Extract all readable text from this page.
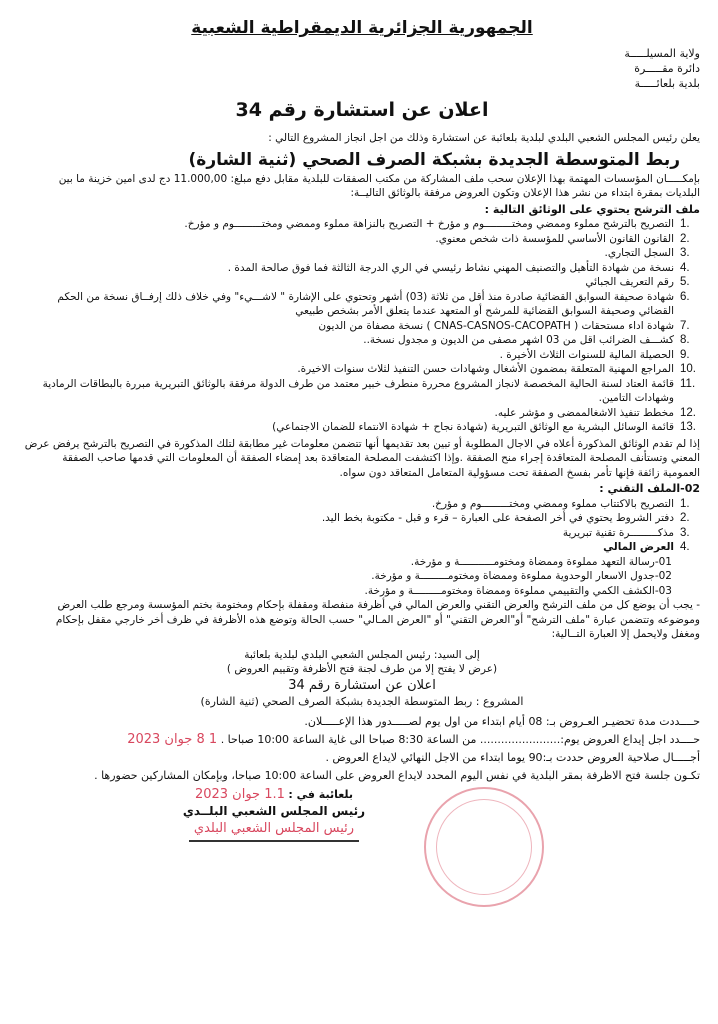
الجمهورية الجزائرية الديمقراطية الشعبية
ولاية المسيلـــــة
دائرة مقـــــرة
بلدية بلعائـــــة
اعلان عن استشارة رقم 34
يعلن رئيس المجلس الشعبي البلدي لبلدية بلعائبة عن استشارة وذلك من اجل انجاز المشروع التالي :
ربط المتوسطة الجديدة بشبكة الصرف الصحي (ثنية الشارة)
بإمكـــــان المؤسسات المهتمة بهذا الإعلان سحب ملف المشاركة من مكتب الصفقات للبلدية مقابل دفع مبلغ: 11.000,00 دج لدى امين خزينة ما بين البلديات بمقرة ابتداء من نشر هذا الإعلان وتكون العروض مرفقة بالوثائق التاليــة:
ملف الترشح يحتوي على الوثائق التالية :
1.
التصريح بالترشح مملوء وممضي ومختـــــــــوم و مؤرخ + التصريح بالنزاهة مملوء وممضي ومختـــــــــوم و مؤرخ.
2.
القانون القانون الأساسي للمؤسسة ذات شخص معنوي.
3.
السجل التجاري.
4.
نسخة من شهادة التأهيل والتصنيف المهني نشاط رئيسي في الري الدرجة الثالثة فما فوق صالحة المدة .
5.
رقم التعريف الجبائي
6.
شهادة صحيفة السوابق القضائية صادرة منذ أقل من ثلاثة (03) أشهر وتحتوي على الإشارة " لاشـــيء" وفي خلاف ذلك إرفــاق نسخة من الحكم القضائي وصحيفة السوابق القضائية للمرشح أو المتعهد عندما يتعلق الأمر بشخص طبيعي
7.
شهادة اداء مستحقات ( CNAS-CASNOS-CACOPATH ) نسخة مصفاة من الديون
8.
كشـــف الضرائب اقل من 03 اشهر مصفى من الديون و مجدول نسخة..
9.
الحصيلة المالية للسنوات الثلاث الأخيرة .
10.
المراجع المهنية المتعلقة بمضمون الأشغال وشهادات حسن التنفيذ لثلاث سنوات الاخيرة.
11.
قائمة العتاد لسنة الحالية المخصصة لانجاز المشروع محررة منطرف خبير معتمد من طرف الدولة مرفقة بالوثائق التبريرية مبررة بالبطاقات الرمادية وشهادات التامين.
12.
مخطط تنفيذ الاشغالممضى و مؤشر عليه.
13.
قائمة الوسائل البشرية مع الوثائق التبريرية (شهادة نجاح + شهادة الانتماء للضمان الاجتماعي)
إذا لم تقدم الوثائق المذكورة أعلاه في الاجال المطلوبة أو تبين بعد تقديمها أنها تتضمن معلومات غير مطابقة لتلك المذكورة في التصريح بالترشح يرفض عرض المعني وتستأنف المصلحة المتعاقدة إجراء منح الصفقة .وإذا اكتشفت المصلحة المتعاقدة بعد إمضاء الصفقة أن المعلومات التي قدمها صاحب الصفقة العمومية زائفة فإنها تأمر بفسخ الصفقة تحت مسؤولية المتعامل المتعاقد دون سواه.
02-الملف التقني :
1.
التصريح بالاكتتاب مملوء وممضي ومختـــــــــوم و مؤرخ.
2.
دفتر الشروط يحتوي في أخر الصفحة على العبارة – قرء و قبل - مكتوبة بخط اليد.
3.
مذكـــــــــرة تقنية تبريرية
4.
العرض المالي
01-رسالة التعهد مملوءة وممضاة ومختومـــــــــــة و مؤرخة.
02-جدول الاسعار الوحدوية مملوءة وممضاة ومختومـــــــــة و مؤرخة.
03-الكشف الكمي والتقييمي مملوءة وممضاة ومختومـــــــــة و مؤرخة.
- يجب أن يوضع كل من ملف الترشح والعرض التقني والعرض المالي في أظرفة منفصلة ومقفلة بإحكام ومختومة بختم المؤسسة ومرجع طلب العرض وموضوعه وتتضمن عبارة "ملف الترشح" أو"العرض التقني" أو "العرض المـالي" حسب الحالة وتوضع هذه الأظرفة في ظرف أخر خارجي مقفل بإحكام ومغفل ولايحمل إلا العبارة التــالية:
إلى السيد: رئيس المجلس الشعبي البلدي لبلدية بلعائبة
(عرض لا يفتح إلا من طرف لجنة فتح الأظرفة وتقييم العروض )
اعلان عن استشارة رقم 34
المشروع : ربط المتوسطة الجديدة بشبكة الصرف الصحي (ثنية الشارة)
حــــددت مدة تحضيـر العـروض بـ: 08 أيام ابتداء من اول يوم لصـــــدور هذا الإعـــــلان.
حــــدد اجل إيداع العروض يوم:....................... من الساعة 8:30 صباحا الى غاية الساعة 10:00 صباحا . 1 8 جوان 2023
أجـــــال صلاحية العروض حددت بـ:90 يوما ابتداء من الاجل النهائي لايداع العروض .
تكـون جلسة فتح الاظرفة بمقر البلدية في نفس اليوم المحدد لايداع العروض على الساعة 10:00 صباحا، وبإمكان المشاركين حضورها .
بلعائبة في : 1.1 جوان 2023
رئيس المجلس الشعبي البلــدي
رئيس المجلس الشعبي البلدي
